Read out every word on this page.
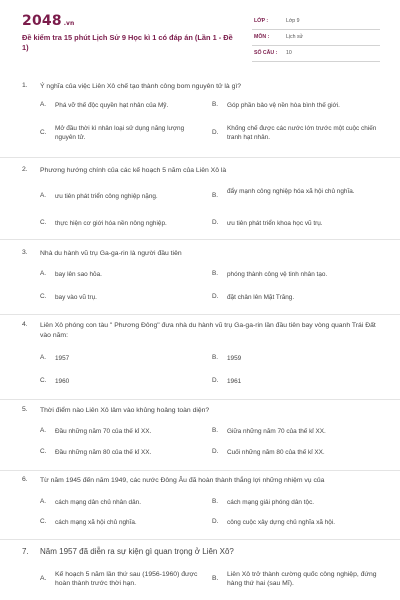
2048 .vn
Đề kiểm tra 15 phút Lịch Sử 9 Học kì 1 có đáp án (Lần 1 - Đề 1)
LỚP :	Lớp 9
MÔN :	Lịch sử
SỐ CÂU : 10
1. Ý nghĩa của việc Liên Xô chế tạo thành công bom nguyên tử là gì?
A. Phá vỡ thế độc quyền hạt nhân của Mỹ.	B. Góp phần bảo vệ nền hòa bình thế giới.
C.
Mở đầu thời kì nhân loại sử dụng năng lượng nguyên tử.
D.
Khống chế được các nước lớn trước một cuộc chiến tranh hạt nhân.
2. Phương hướng chính của các kế hoạch 5 năm của Liên Xô là
A. ưu tiên phát triển công nghiệp nặng.	B.
đẩy mạnh công nghiệp hóa xã hội chủ nghĩa.
C. thực hiện cơ giới hóa nền nông nghiệp.	D. ưu tiên phát triển khoa học vũ trụ.
3. Nhà du hành vũ trụ Ga-ga-rin là người đầu tiên
A. bay lên sao hỏa.	B. phóng thành công vệ tinh nhân tạo.
C. bay vào vũ trụ.	D. đặt chân lên Mặt Trăng.
4. Liên Xô phóng con tàu " Phương Đông" đưa nhà du hành vũ trụ Ga-ga-rin lần đầu tiên bay vòng quanh Trái Đất vào năm:
A. 1957	B. 1959
C. 1960	D. 1961
5. Thời điểm nào Liên Xô lâm vào khủng hoảng toàn diện?
A. Đầu những năm 70 của thế kỉ XX.	B. Giữa những năm 70 của thế kỉ XX.
C. Đầu những năm 80 của thế kỉ XX.	D. Cuối những năm 80 của thế kỉ XX.
6. Từ năm 1945 đến năm 1949, các nước Đông Âu đã hoàn thành thắng lợi những nhiệm vụ của
A. cách mạng dân chủ nhân dân.	B. cách mạng giải phóng dân tộc.
C. cách mạng xã hội chủ nghĩa.	D. công cuộc xây dựng chủ nghĩa xã hội.
7. Năm 1957 đã diễn ra sự kiện gì quan trọng ở Liên Xô?
A.
Kế hoạch 5 năm lần thứ sau (1956-1960) được hoàn thành trước thời hạn.
B.
Liên Xô trở thành cường quốc công nghiệp, đứng hàng thứ hai (sau Mĩ).
